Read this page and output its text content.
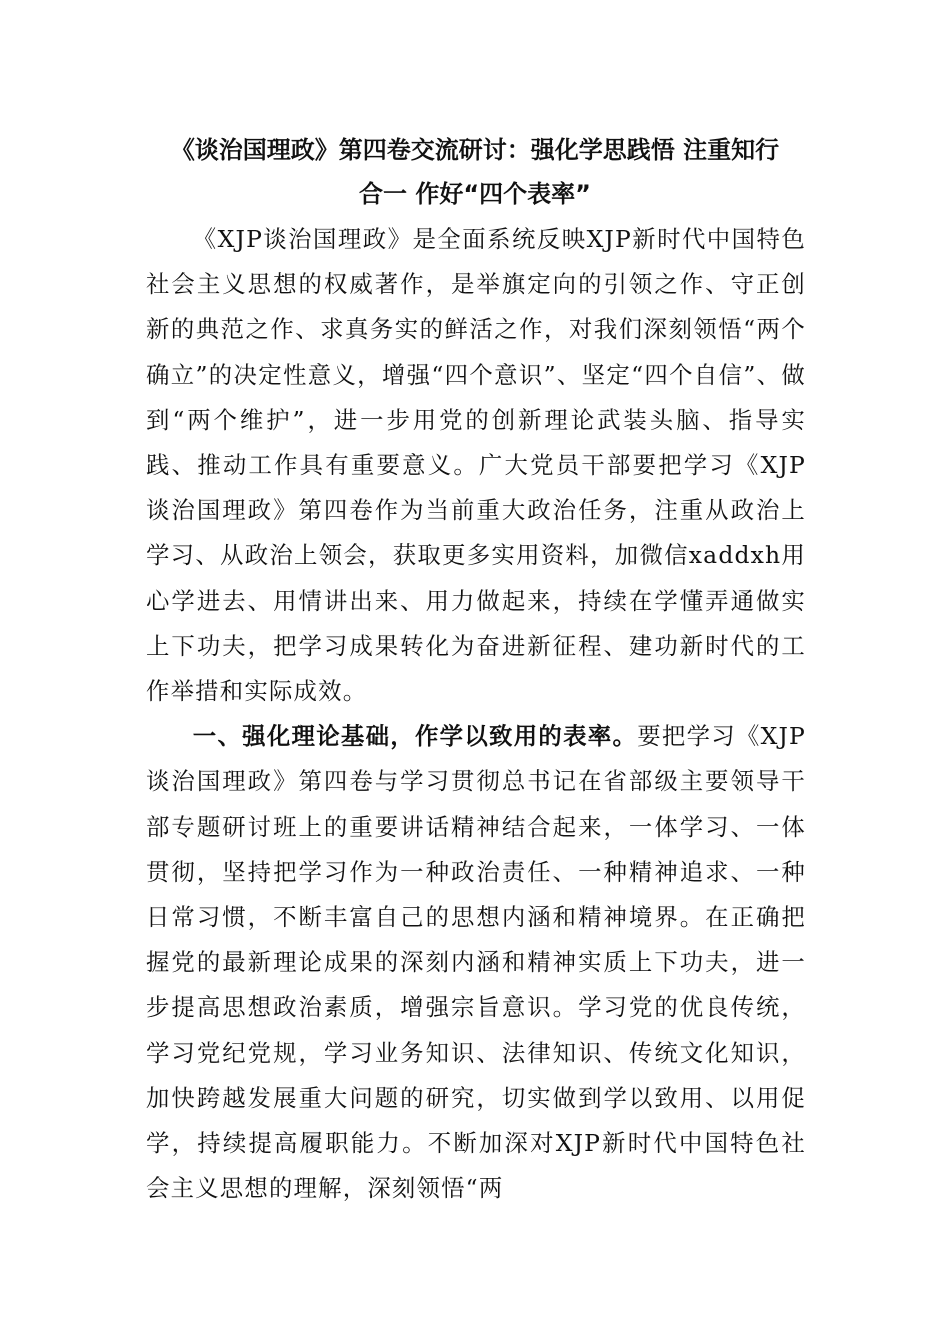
《谈治国理政》第四卷交流研讨：强化学思践悟 注重知行
合一 作好“四个表率”

《XJP谈治国理政》是全面系统反映XJP新时代中国特色社会主义思想的权威著作，是举旗定向的引领之作、守正创新的典范之作、求真务实的鲜活之作，对我们深刻领悟“两个确立”的决定性意义，增强“四个意识”、坚定“四个自信”、做到“两个维护”，进一步用党的创新理论武装头脑、指导实践、推动工作具有重要意义。广大党员干部要把学习《XJP谈治国理政》第四卷作为当前重大政治任务，注重从政治上学习、从政治上领会，获取更多实用资料，加微信xaddxh用心学进去、用情讲出来、用力做起来，持续在学懂弄通做实上下功夫，把学习成果转化为奋进新征程、建功新时代的工作举措和实际成效。

一、强化理论基础，作学以致用的表率。要把学习《XJP谈治国理政》第四卷与学习贯彻总书记在省部级主要领导干部专题研讨班上的重要讲话精神结合起来，一体学习、一体贯彻，坚持把学习作为一种政治责任、一种精神追求、一种日常习惯，不断丰富自己的思想内涵和精神境界。在正确把握党的最新理论成果的深刻内涵和精神实质上下功夫，进一步提高思想政治素质，增强宗旨意识。学习党的优良传统，学习党纪党规，学习业务知识、法律知识、传统文化知识，加快跨越发展重大问题的研究，切实做到学以致用、以用促学，持续提高履职能力。不断加深对XJP新时代中国特色社会主义思想的理解，深刻领悟“两
